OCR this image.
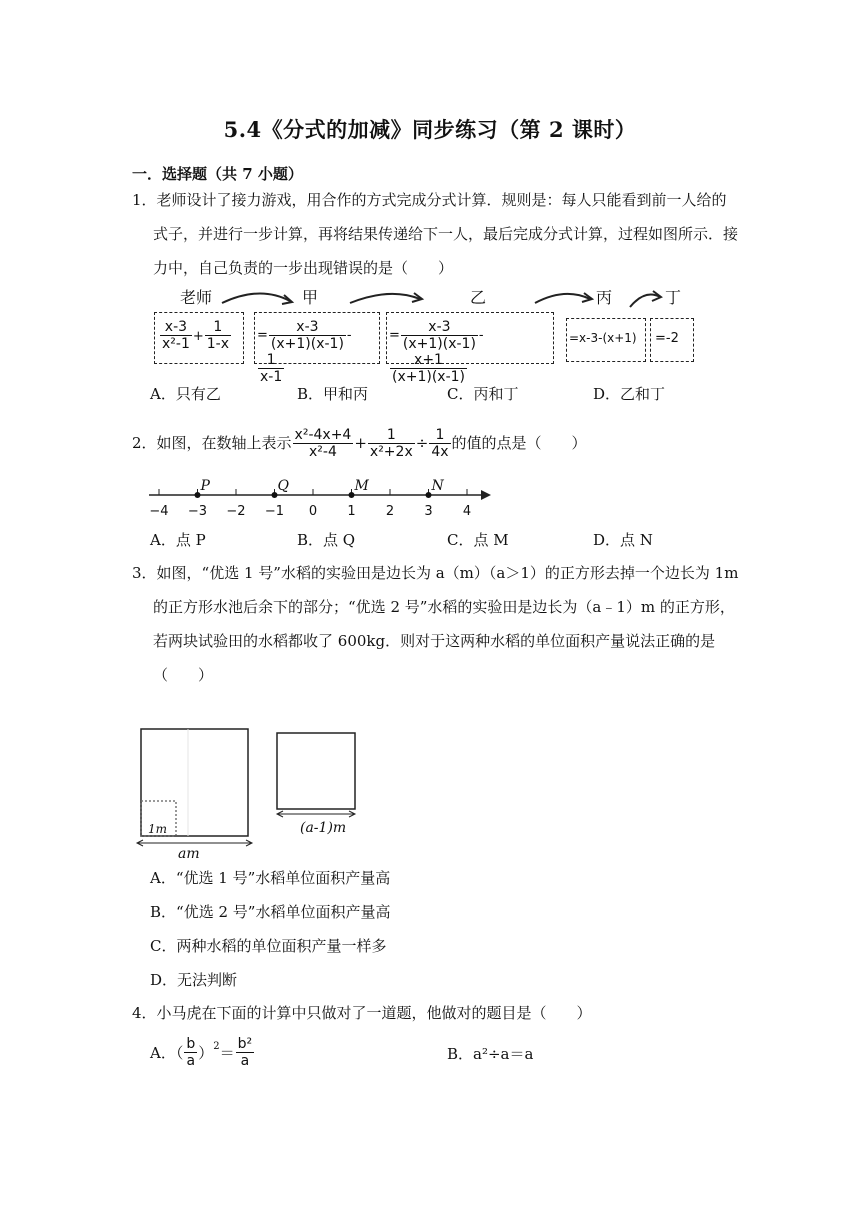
5.4《分式的加减》同步练习（第 2 课时）
一．选择题（共 7 小题）
1．老师设计了接力游戏，用合作的方式完成分式计算．规则是：每人只能看到前一人给的
式子，并进行一步计算，再将结果传递给下一人，最后完成分式计算，过程如图所示．接
力中，自己负责的一步出现错误的是（　　）
老师	甲	乙	丙	丁
$\frac{x-3}{\text{x²-1}} + \frac{1}{1-x} = \frac{x-3}{(x+1)(x-1)}$ -
$\frac{1}{x-1}$
= $\frac{x-3}{(x+1)(x-1)}$ -
$\frac{x+1}{(x+1)(x-1)}$
=x-3-(x+1) =-2
A．只有乙	B．甲和丙	C．丙和丁	D．乙和丁
2．如图，在数轴上表示 $\frac{\text{x²-4x+4}}{\text{x²-4}} + \frac{1}{\text{x²+2x}} \div \frac{1}{4x}$ 的值的点是（　　）
−4 −3 −2 −1 0 1 2 3 4
P	Q	M	N
A．点 P	B．点 Q	C．点 M	D．点 N
3．如图，“优选 1 号”水稻的实验田是边长为 a（m）（a＞1）的正方形去掉一个边长为 1m
的正方形水池后余下的部分；“优选 2 号”水稻的实验田是边长为（a﹣1）m 的正方形，
若两块试验田的水稻都收了 600kg．则对于这两种水稻的单位面积产量说法正确的是
（　　）
1m
am
(a-1)m
A．“优选 1 号”水稻单位面积产量高
B．“优选 2 号”水稻单位面积产量高
C．两种水稻的单位面积产量一样多
D．无法判断
4．小马虎在下面的计算中只做对了一道题，他做对的题目是（　　）
A．（ $\frac{b}{a} )^2 = \frac{\text{b²}}{a}$	B．a²÷a＝a
